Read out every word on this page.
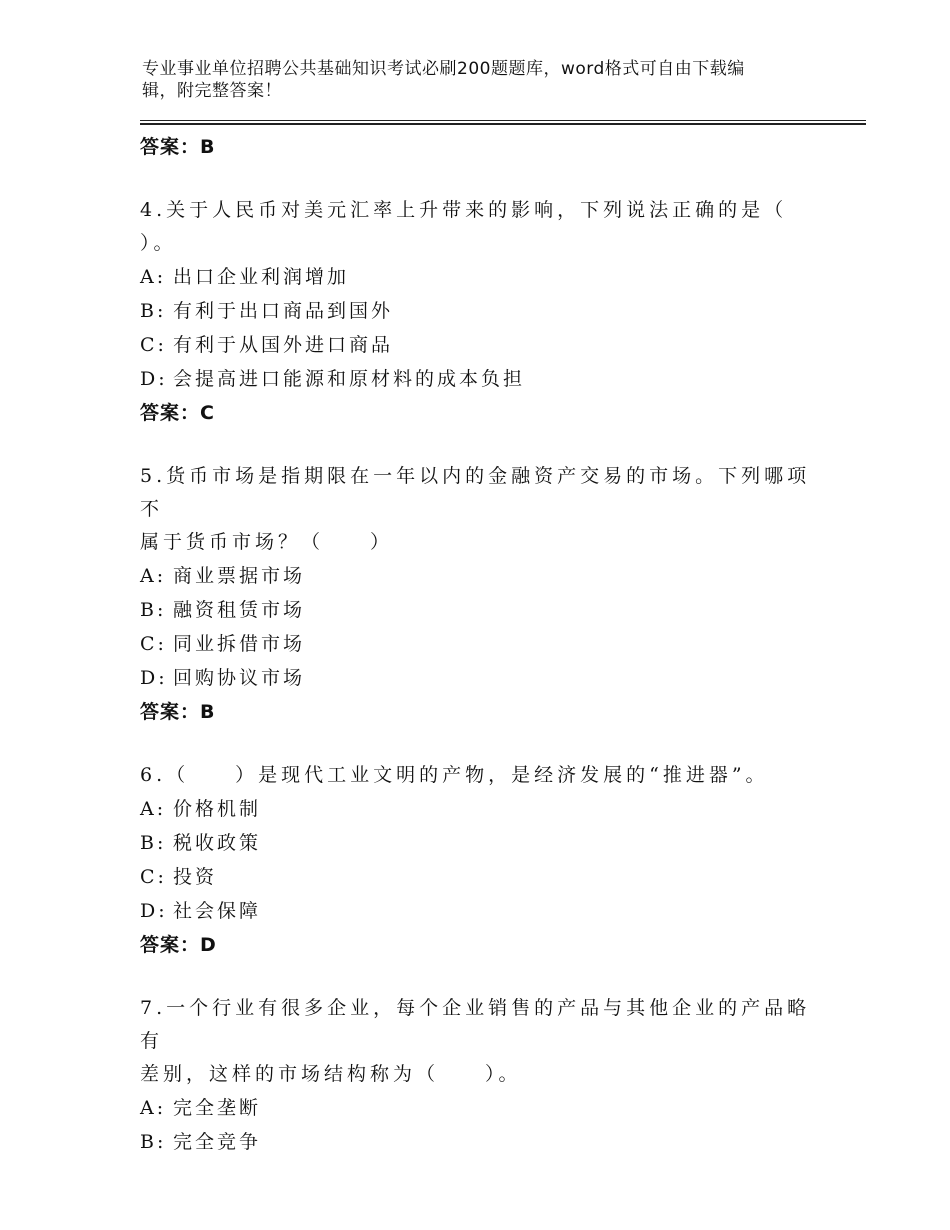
专业事业单位招聘公共基础知识考试必刷200题题库，word格式可自由下载编
辑，附完整答案！
答案：B
4.关于人民币对美元汇率上升带来的影响，下列说法正确的是（
）。
A: 出口企业利润增加
B: 有利于出口商品到国外
C: 有利于从国外进口商品
D: 会提高进口能源和原材料的成本负担
答案：C
5.货币市场是指期限在一年以内的金融资产交易的市场。下列哪项不
属于货币市场？（　　）
A: 商业票据市场
B: 融资租赁市场
C: 同业拆借市场
D: 回购协议市场
答案：B
6.（　　）是现代工业文明的产物，是经济发展的“推进器”。
A: 价格机制
B: 税收政策
C: 投资
D: 社会保障
答案：D
7.一个行业有很多企业，每个企业销售的产品与其他企业的产品略有
差别，这样的市场结构称为（　　）。
A: 完全垄断
B: 完全竞争
